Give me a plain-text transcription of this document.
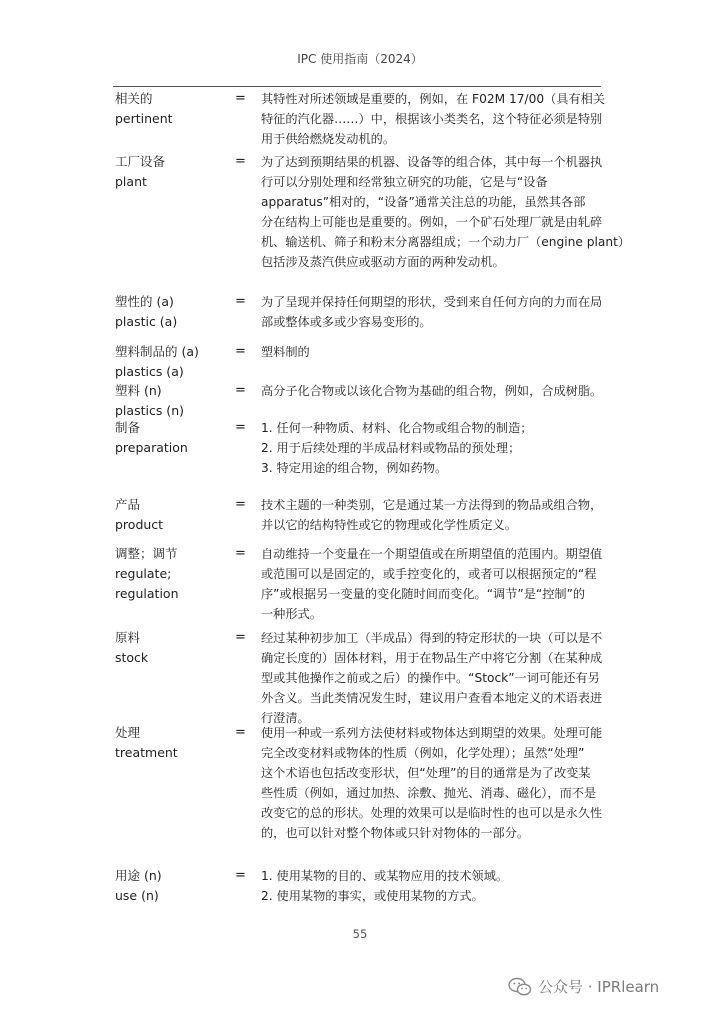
IPC 使用指南（2024）
相关的
pertinent
= 其特性对所述领域是重要的，例如，在 F02M 17/00（具有相关
特征的汽化器……）中，根据该小类类名，这个特征必须是特别
用于供给燃烧发动机的。
工厂设备
plant
= 为了达到预期结果的机器、设备等的组合体，其中每一个机器执
行可以分别处理和经常独立研究的功能，它是与“设备
apparatus”相对的，“设备”通常关注总的功能，虽然其各部
分在结构上可能也是重要的。例如，一个矿石处理厂就是由轧碎
机、输送机、筛子和粉末分离器组成；一个动力厂（engine plant）
包括涉及蒸汽供应或驱动方面的两种发动机。
塑性的 (a)
plastic (a)
= 为了呈现并保持任何期望的形状，受到来自任何方向的力而在局
部或整体或多或少容易变形的。
塑料制品的 (a)
plastics (a)
= 塑料制的
塑料 (n)
plastics (n)
= 高分子化合物或以该化合物为基础的组合物，例如，合成树脂。
制备
preparation
= 1. 任何一种物质、材料、化合物或组合物的制造；
2. 用于后续处理的半成品材料或物品的预处理；
3. 特定用途的组合物，例如药物。
产品
product
= 技术主题的一种类别，它是通过某一方法得到的物品或组合物，
并以它的结构特性或它的物理或化学性质定义。
调整；调节
regulate;
regulation
= 自动维持一个变量在一个期望值或在所期望值的范围内。期望值
或范围可以是固定的，或手控变化的，或者可以根据预定的“程
序”或根据另一变量的变化随时间而变化。“调节”是“控制”的
一种形式。
原料
stock
= 经过某种初步加工（半成品）得到的特定形状的一块（可以是不
确定长度的）固体材料，用于在物品生产中将它分割（在某种成
型或其他操作之前或之后）的操作中。“Stock”一词可能还有另
外含义。当此类情况发生时，建议用户查看本地定义的术语表进
行澄清。
处理
treatment
= 使用一种或一系列方法使材料或物体达到期望的效果。处理可能
完全改变材料或物体的性质（例如，化学处理）；虽然“处理”
这个术语也包括改变形状，但“处理”的目的通常是为了改变某
些性质（例如，通过加热、涂敷、抛光、消毒、磁化），而不是
改变它的总的形状。处理的效果可以是临时性的也可以是永久性
的，也可以针对整个物体或只针对物体的一部分。
用途 (n)
use (n)
= 1. 使用某物的目的、或某物应用的技术领域。
2. 使用某物的事实，或使用某物的方式。
55
公众号 · IPRlearn
